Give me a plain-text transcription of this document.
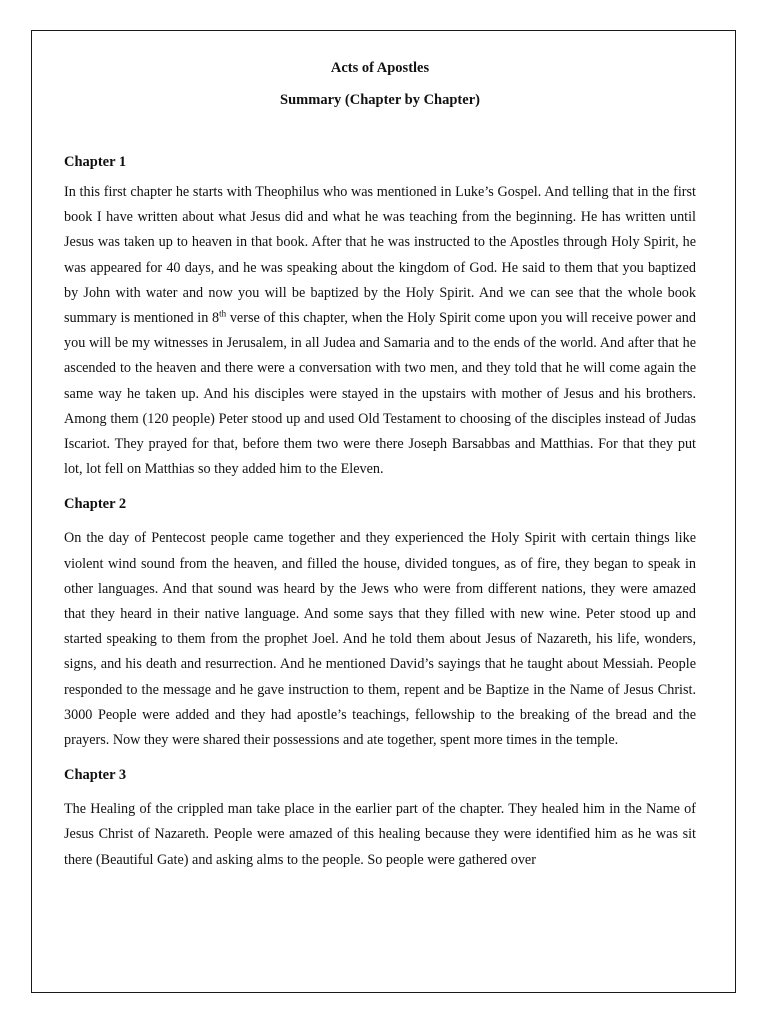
Acts of Apostles

Summary (Chapter by Chapter)

Chapter 1

In this first chapter he starts with Theophilus who was mentioned in Luke’s Gospel. And telling that in the first book I have written about what Jesus did and what he was teaching from the beginning. He has written until Jesus was taken up to heaven in that book. After that he was instructed to the Apostles through Holy Spirit, he was appeared for 40 days, and he was speaking about the kingdom of God. He said to them that you baptized by John with water and now you will be baptized by the Holy Spirit. And we can see that the whole book summary is mentioned in 8th verse of this chapter, when the Holy Spirit come upon you will receive power and you will be my witnesses in Jerusalem, in all Judea and Samaria and to the ends of the world. And after that he ascended to the heaven and there were a conversation with two men, and they told that he will come again the same way he taken up. And his disciples were stayed in the upstairs with mother of Jesus and his brothers. Among them (120 people) Peter stood up and used Old Testament to choosing of the disciples instead of Judas Iscariot. They prayed for that, before them two were there Joseph Barsabbas and Matthias. For that they put lot, lot fell on Matthias so they added him to the Eleven.

Chapter 2

On the day of Pentecost people came together and they experienced the Holy Spirit with certain things like violent wind sound from the heaven, and filled the house, divided tongues, as of fire, they began to speak in other languages. And that sound was heard by the Jews who were from different nations, they were amazed that they heard in their native language. And some says that they filled with new wine. Peter stood up and started speaking to them from the prophet Joel. And he told them about Jesus of Nazareth, his life, wonders, signs, and his death and resurrection. And he mentioned David’s sayings that he taught about Messiah. People responded to the message and he gave instruction to them, repent and be Baptize in the Name of Jesus Christ. 3000 People were added and they had apostle’s teachings, fellowship to the breaking of the bread and the prayers. Now they were shared their possessions and ate together, spent more times in the temple.

Chapter 3

The Healing of the crippled man take place in the earlier part of the chapter. They healed him in the Name of Jesus Christ of Nazareth. People were amazed of this healing because they were identified him as he was sit there (Beautiful Gate) and asking alms to the people. So people were gathered over
